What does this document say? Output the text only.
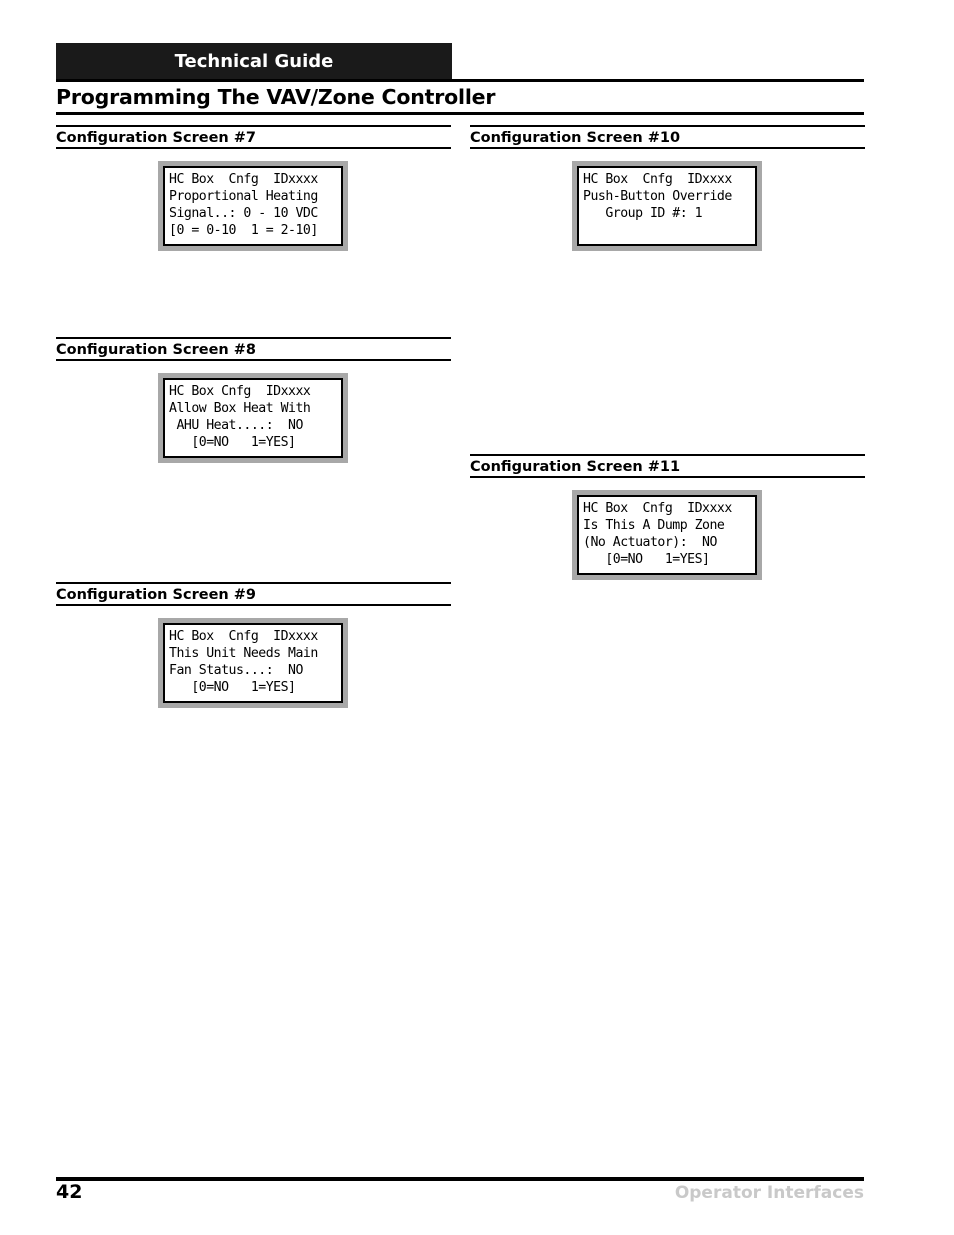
Technical Guide
Programming The VAV/Zone Controller
Configuration Screen #7
HC Box  Cnfg  IDxxxx
Proportional Heating
Signal..: 0 - 10 VDC
[0 = 0-10  1 = 2-10]
Configuration Screen #8
HC Box Cnfg  IDxxxx
Allow Box Heat With
AHU Heat....:  NO
[0=NO   1=YES]
Configuration Screen #9
HC Box  Cnfg  IDxxxx
This Unit Needs Main
Fan Status...:  NO
[0=NO   1=YES]
Configuration Screen #10
HC Box  Cnfg  IDxxxx
Push-Button Override
Group ID #: 1
Configuration Screen #11
HC Box  Cnfg  IDxxxx
Is This A Dump Zone
(No Actuator):  NO
[0=NO   1=YES]
42	Operator Interfaces
